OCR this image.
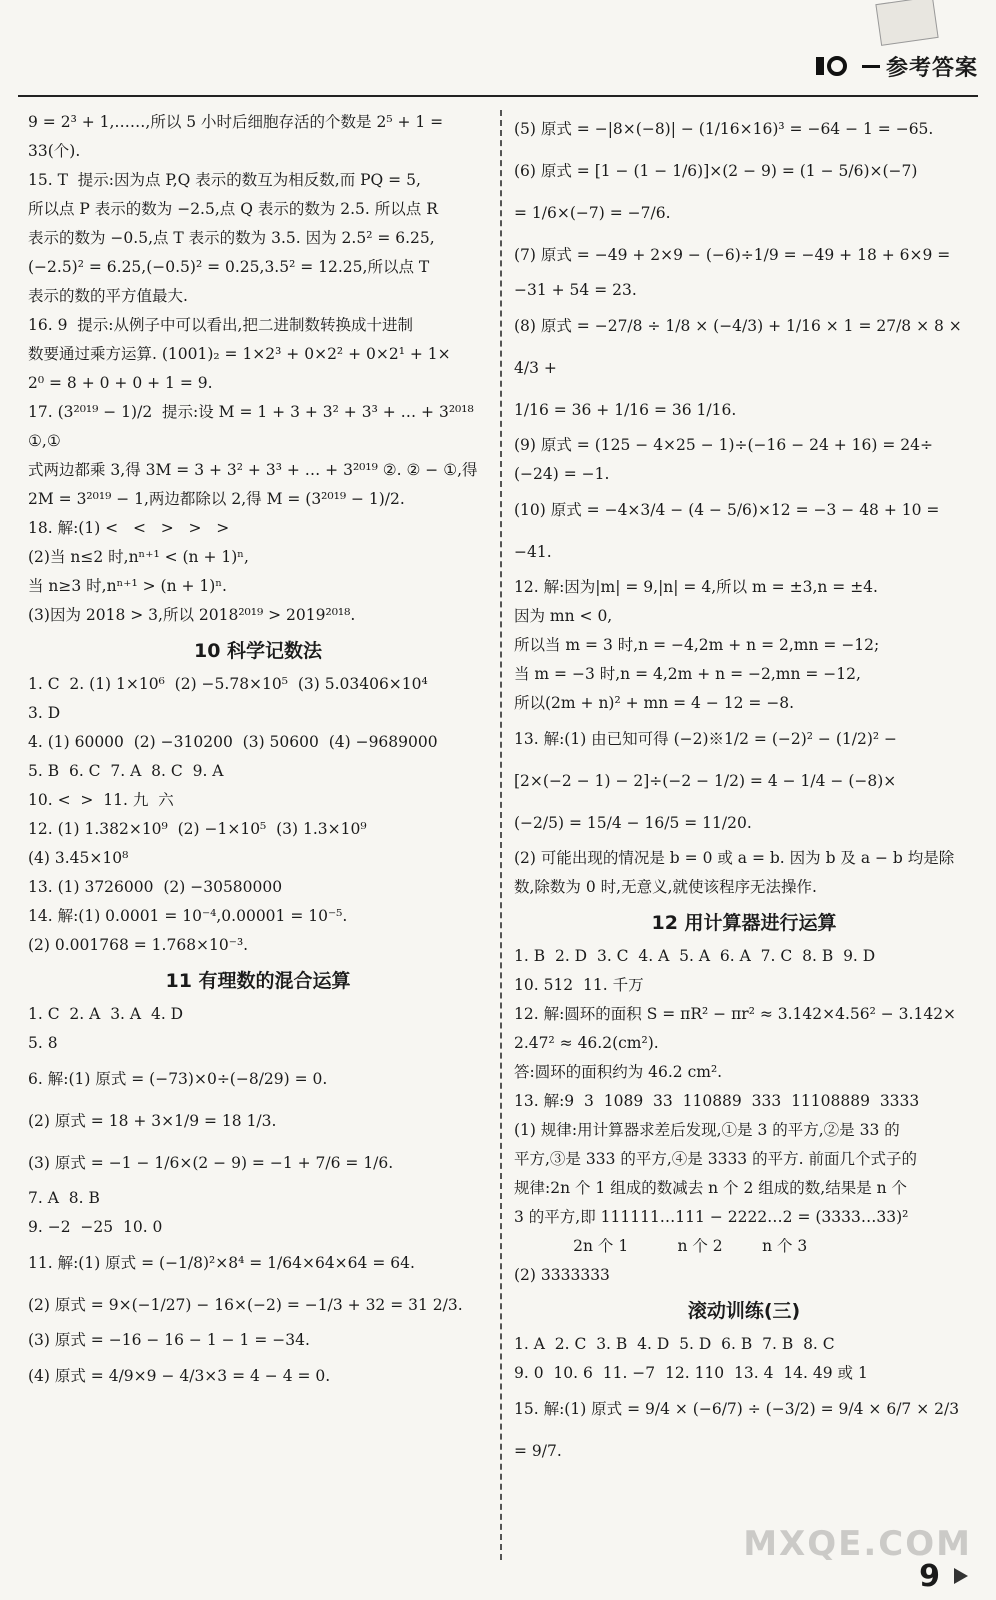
参考答案

9 = 2³ + 1,……,所以 5 小时后细胞存活的个数是 2⁵ + 1 =

33(个).

15. T  提示:因为点 P,Q 表示的数互为相反数,而 PQ = 5,

所以点 P 表示的数为 −2.5,点 Q 表示的数为 2.5. 所以点 R

表示的数为 −0.5,点 T 表示的数为 3.5. 因为 2.5² = 6.25,

(−2.5)² = 6.25,(−0.5)² = 0.25,3.5² = 12.25,所以点 T

表示的数的平方值最大.

16. 9  提示:从例子中可以看出,把二进制数转换成十进制

数要通过乘方运算. (1001)₂ = 1×2³ + 0×2² + 0×2¹ + 1×

2⁰ = 8 + 0 + 0 + 1 = 9.

17. (3²⁰¹⁹ − 1)/2  提示:设 M = 1 + 3 + 3² + 3³ + … + 3²⁰¹⁸ ①,①

式两边都乘 3,得 3M = 3 + 3² + 3³ + … + 3²⁰¹⁹ ②. ② − ①,得

2M = 3²⁰¹⁹ − 1,两边都除以 2,得 M = (3²⁰¹⁹ − 1)/2.

18. 解:(1) <   <   >   >   >

(2)当 n≤2 时,nⁿ⁺¹ < (n + 1)ⁿ,

当 n≥3 时,nⁿ⁺¹ > (n + 1)ⁿ.

(3)因为 2018 > 3,所以 2018²⁰¹⁹ > 2019²⁰¹⁸.

10 科学记数法

1. C  2. (1) 1×10⁶  (2) −5.78×10⁵  (3) 5.03406×10⁴

3. D

4. (1) 60000  (2) −310200  (3) 50600  (4) −9689000

5. B  6. C  7. A  8. C  9. A

10. <  >  11. 九  六

12. (1) 1.382×10⁹  (2) −1×10⁵  (3) 1.3×10⁹

(4) 3.45×10⁸

13. (1) 3726000  (2) −30580000

14. 解:(1) 0.0001 = 10⁻⁴,0.00001 = 10⁻⁵.

(2) 0.001768 = 1.768×10⁻³.

11 有理数的混合运算

1. C  2. A  3. A  4. D

5. 8

6. 解:(1) 原式 = (−73)×0÷(−8/29) = 0.

(2) 原式 = 18 + 3×1/9 = 18 1/3.

(3) 原式 = −1 − 1/6×(2 − 9) = −1 + 7/6 = 1/6.

7. A  8. B

9. −2  −25  10. 0

11. 解:(1) 原式 = (−1/8)²×8⁴ = 1/64×64×64 = 64.

(2) 原式 = 9×(−1/27) − 16×(−2) = −1/3 + 32 = 31 2/3.

(3) 原式 = −16 − 16 − 1 − 1 = −34.

(4) 原式 = 4/9×9 − 4/3×3 = 4 − 4 = 0.

(5) 原式 = −|8×(−8)| − (1/16×16)³ = −64 − 1 = −65.

(6) 原式 = [1 − (1 − 1/6)]×(2 − 9) = (1 − 5/6)×(−7)

= 1/6×(−7) = −7/6.

(7) 原式 = −49 + 2×9 − (−6)÷1/9 = −49 + 18 + 6×9 =

−31 + 54 = 23.

(8) 原式 = −27/8 ÷ 1/8 × (−4/3) + 1/16 × 1 = 27/8 × 8 × 4/3 +

1/16 = 36 + 1/16 = 36 1/16.

(9) 原式 = (125 − 4×25 − 1)÷(−16 − 24 + 16) = 24÷

(−24) = −1.

(10) 原式 = −4×3/4 − (4 − 5/6)×12 = −3 − 48 + 10 = −41.

12. 解:因为|m| = 9,|n| = 4,所以 m = ±3,n = ±4.

因为 mn < 0,

所以当 m = 3 时,n = −4,2m + n = 2,mn = −12;

当 m = −3 时,n = 4,2m + n = −2,mn = −12,

所以(2m + n)² + mn = 4 − 12 = −8.

13. 解:(1) 由已知可得 (−2)※1/2 = (−2)² − (1/2)² −

[2×(−2 − 1) − 2]÷(−2 − 1/2) = 4 − 1/4 − (−8)×

(−2/5) = 15/4 − 16/5 = 11/20.

(2) 可能出现的情况是 b = 0 或 a = b. 因为 b 及 a − b 均是除

数,除数为 0 时,无意义,就使该程序无法操作.

12 用计算器进行运算

1. B  2. D  3. C  4. A  5. A  6. A  7. C  8. B  9. D

10. 512  11. 千万

12. 解:圆环的面积 S = πR² − πr² ≈ 3.142×4.56² − 3.142×

2.47² ≈ 46.2(cm²).

答:圆环的面积约为 46.2 cm².

13. 解:9  3  1089  33  110889  333  11108889  3333

(1) 规律:用计算器求差后发现,①是 3 的平方,②是 33 的

平方,③是 333 的平方,④是 3333 的平方. 前面几个式子的

规律:2n 个 1 组成的数减去 n 个 2 组成的数,结果是 n 个

3 的平方,即 111111…111 − 2222…2 = (3333…33)²

2n 个 1          n 个 2        n 个 3

(2) 3333333

滚动训练(三)

1. A  2. C  3. B  4. D  5. D  6. B  7. B  8. C

9. 0  10. 6  11. −7  12. 110  13. 4  14. 49 或 1

15. 解:(1) 原式 = 9/4 × (−6/7) ÷ (−3/2) = 9/4 × 6/7 × 2/3

= 9/7.

MXQE.COM
9
